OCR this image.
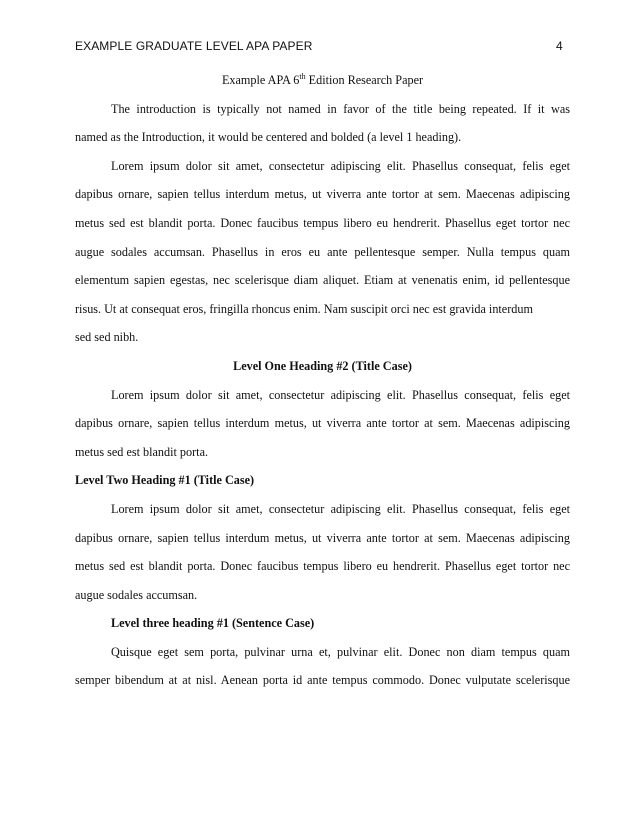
EXAMPLE GRADUATE LEVEL APA PAPER	4
Example APA 6th Edition Research Paper
The introduction is typically not named in favor of the title being repeated. If it was
named as the Introduction, it would be centered and bolded (a level 1 heading).
Lorem ipsum dolor sit amet, consectetur adipiscing elit. Phasellus consequat, felis eget
dapibus ornare, sapien tellus interdum metus, ut viverra ante tortor at sem. Maecenas adipiscing
metus sed est blandit porta. Donec faucibus tempus libero eu hendrerit. Phasellus eget tortor nec
augue sodales accumsan. Phasellus in eros eu ante pellentesque semper. Nulla tempus quam
elementum sapien egestas, nec scelerisque diam aliquet. Etiam at venenatis enim, id pellentesque
risus. Ut at consequat eros, fringilla rhoncus enim. Nam suscipit orci nec est gravida interdum
sed sed nibh.
Level One Heading #2 (Title Case)
Lorem ipsum dolor sit amet, consectetur adipiscing elit. Phasellus consequat, felis eget
dapibus ornare, sapien tellus interdum metus, ut viverra ante tortor at sem. Maecenas adipiscing
metus sed est blandit porta.
Level Two Heading #1 (Title Case)
Lorem ipsum dolor sit amet, consectetur adipiscing elit. Phasellus consequat, felis eget
dapibus ornare, sapien tellus interdum metus, ut viverra ante tortor at sem. Maecenas adipiscing
metus sed est blandit porta. Donec faucibus tempus libero eu hendrerit. Phasellus eget tortor nec
augue sodales accumsan.
Level three heading #1 (Sentence Case)
Quisque eget sem porta, pulvinar urna et, pulvinar elit. Donec non diam tempus quam
semper bibendum at at nisl. Aenean porta id ante tempus commodo. Donec vulputate scelerisque
